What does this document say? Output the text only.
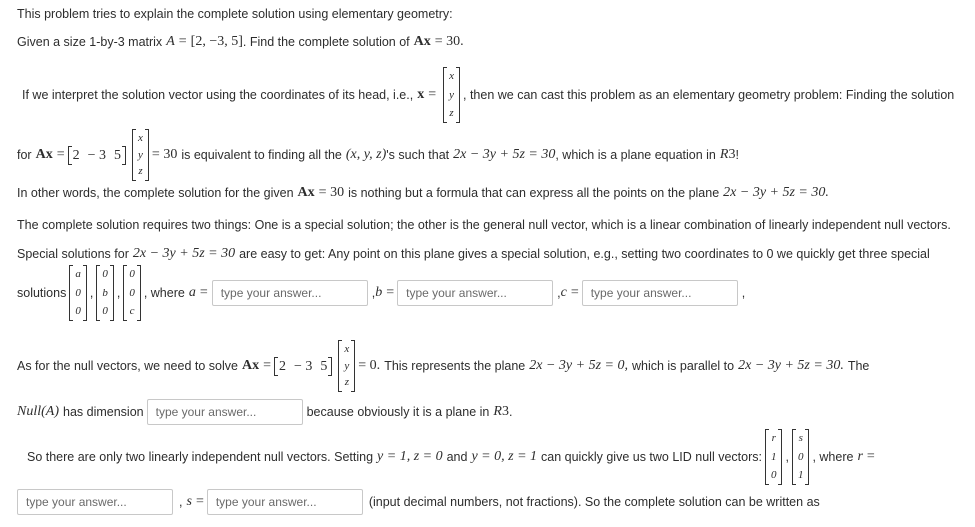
This problem tries to explain the complete solution using elementary geometry:
Given a size 1-by-3 matrix A = [2, −3, 5] . Find the complete solution of Ax = 30.
If we interpret the solution vector using the coordinates of its head, i.e., x =
x
y
z
, then we can cast this problem as an elementary geometry problem: Finding the solution
for Ax = 2 − 3 5
x
y
z
= 30 is equivalent to finding all the (x, y, z) 's such that 2x − 3y + 5z = 30 , which is a plane equation in R 3 !
In other words, the complete solution for the given Ax = 30 is nothing but a formula that can express all the points on the plane 2x − 3y + 5z = 30.
The complete solution requires two things: One is a special solution; the other is the general null vector, which is a linear combination of linearly independent null vectors.
Special solutions for 2x − 3y + 5z = 30 are easy to get: Any point on this plane gives a special solution, e.g., setting two coordinates to 0 we quickly get three special
solutions
a
0
0
,
0
b
0
,
0
0
c
, where a =
type your answer...	, b =
type your answer...	, c =
type your answer...	,
As for the null vectors, we need to solve Ax = 2 − 3 5
x
y
z
= 0. This represents the plane 2x − 3y + 5z = 0, which is parallel to 2x − 3y + 5z = 30. The
Null(A) has dimension
type your answer...	because obviously it is a plane in R 3 .
So there are only two linearly independent null vectors. Setting y = 1, z = 0 and y = 0, z = 1 can quickly give us two LID null vectors:
r
1
0
,
s
0
1
, where r =
type your answer...
, s =
type your answer...	(input decimal numbers, not fractions). So the complete solution can be written as
